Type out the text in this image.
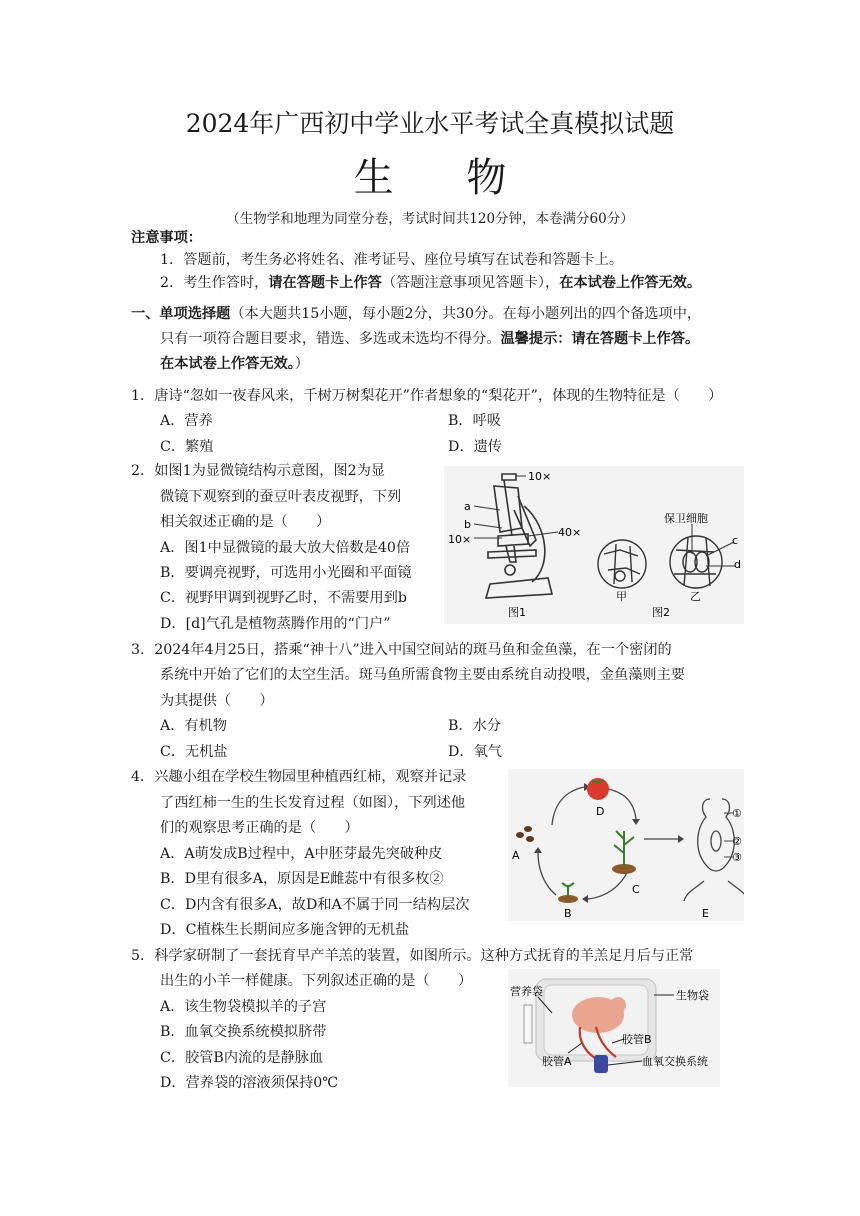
2024年广西初中学业水平考试全真模拟试题
生 物
（生物学和地理为同堂分卷，考试时间共120分钟，本卷满分60分）
注意事项：
1．答题前，考生务必将姓名、准考证号、座位号填写在试卷和答题卡上。
2．考生作答时，请在答题卡上作答（答题注意事项见答题卡），在本试卷上作答无效。
一、单项选择题（本大题共15小题，每小题2分，共30分。在每小题列出的四个备选项中，
只有一项符合题目要求，错选、多选或未选均不得分。温馨提示：请在答题卡上作答。
在本试卷上作答无效。）
1．唐诗“忽如一夜春风来，千树万树梨花开”作者想象的“梨花开”，体现的生物特征是（　　）
A．营养	B．呼吸
C．繁殖	D．遗传
2．如图1为显微镜结构示意图，图2为显
微镜下观察到的蚕豆叶表皮视野，下列
相关叙述正确的是（　　）
A．图1中显微镜的最大放大倍数是40倍
B．要调亮视野，可选用小光圈和平面镜
C．视野甲调到视野乙时，不需要用到b
D．[d]气孔是植物蒸腾作用的“门户”
10×
a
b
10×
40×
图1
保卫细胞
c
d
甲	乙
图2
3．2024年4月25日，搭乘“神十八”进入中国空间站的斑马鱼和金鱼藻，在一个密闭的
系统中开始了它们的太空生活。斑马鱼所需食物主要由系统自动投喂，金鱼藻则主要
为其提供（　　）
A．有机物	B．水分
C．无机盐	D．氧气
4．兴趣小组在学校生物园里种植西红柿，观察并记录
了西红柿一生的生长发育过程（如图），下列述他
们的观察思考正确的是（　　）
A．A萌发成B过程中，A中胚芽最先突破种皮
B．D里有很多A，原因是E雌蕊中有很多枚②
C．D内含有很多A，故D和A不属于同一结构层次
D．C植株生长期间应多施含钾的无机盐
D
A
B
C
①
②
③
E
5．科学家研制了一套抚育早产羊羔的装置，如图所示。这种方式抚育的羊羔足月后与正常
出生的小羊一样健康。下列叙述正确的是（　　）
A．该生物袋模拟羊的子宫
B．血氧交换系统模拟脐带
C．胶管B内流的是静脉血
D．营养袋的溶液须保持0℃
营养袋	生物袋
胶管B
胶管A	血氧交换系统
